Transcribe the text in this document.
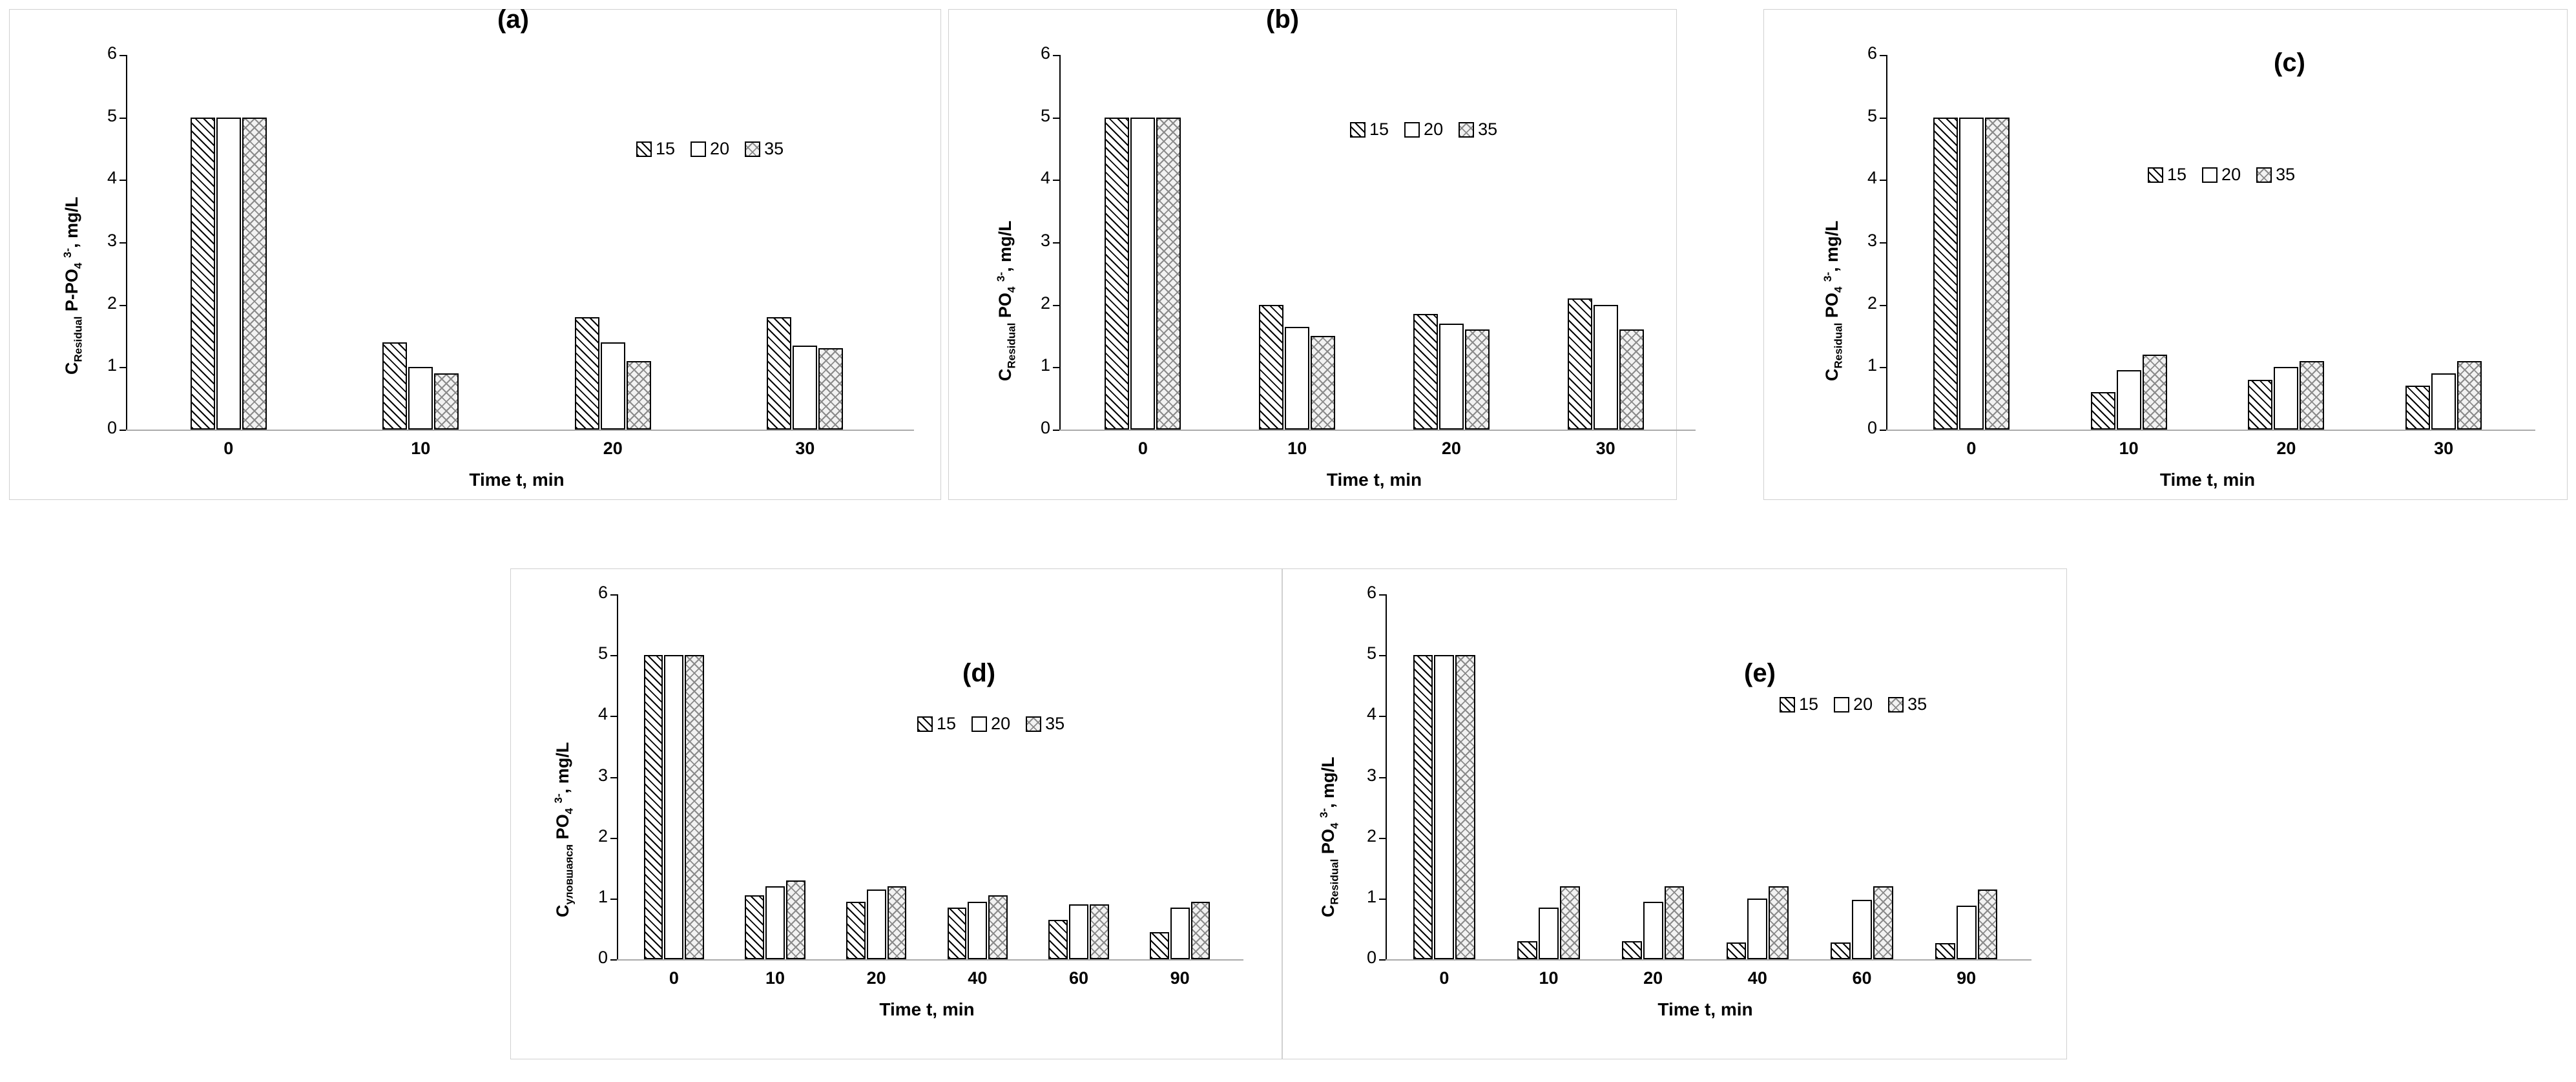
(a)
0
1
2
3
4
5
6
$C_{Residual}$ $P-PO_4$ $^{3-}$, mg/L
0	10	20	30
Time t, min
15 20 35
(b)
0
1
2
3
4
5
6
$C_{Residual}$ $PO_4$ $^{3-}$, mg/L
0	10	20	30
Time t, min
15 20 35
(c)
0
1
2
3
4
5
6
$C_{Residual}$ $PO_4$ $^{3-}$, mg/L
0	10	20	30
Time t, min
15 20 35
(d)
0
1
2
3
4
5
6
$C_{уловшаяся}$ $PO_4$ $^{3-}$, mg/L
0	10	20	40	60	90
Time t, min
15 20 35
(e)
0
1
2
3
4
5
6
$C_{Residual}$ $PO_4$ $^{3-}$, mg/L
0	10	20	40	60	90
Time t, min
15 20 35
